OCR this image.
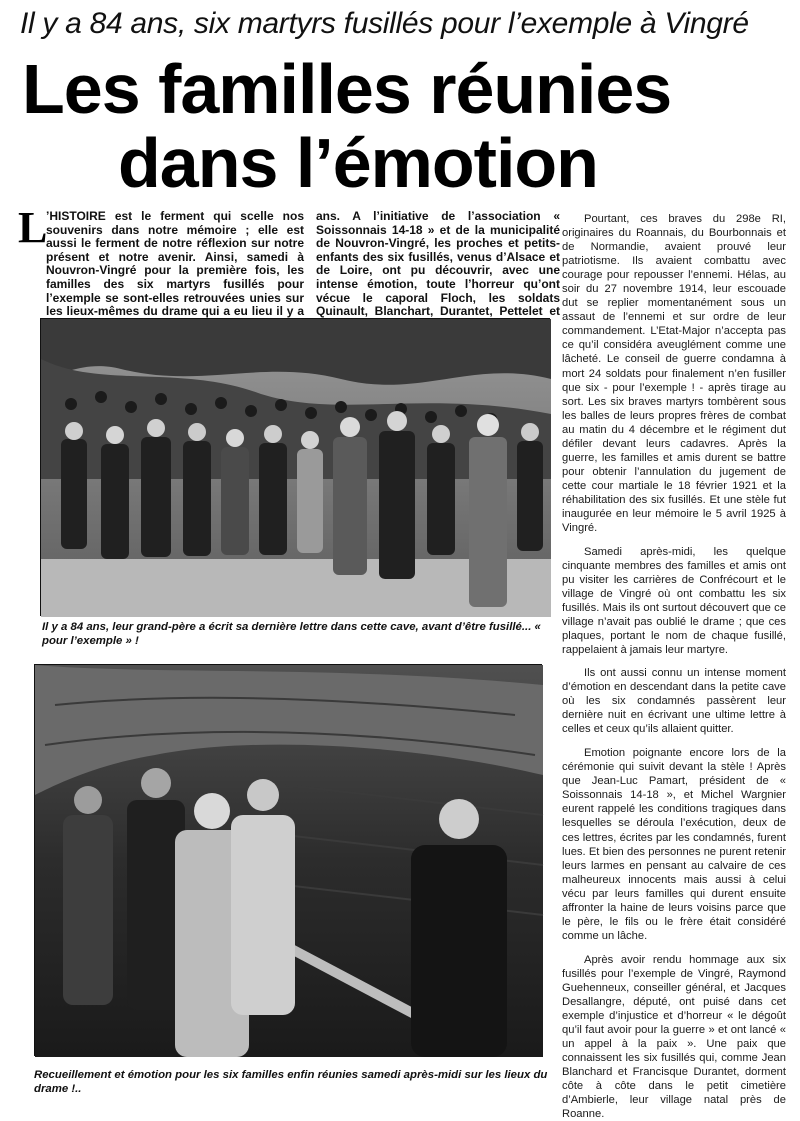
Il y a 84 ans, six martyrs fusillés pour l’exemple à Vingré
Les familles réunies
dans l’émotion
L
’HISTOIRE est le ferment qui scelle nos souvenirs dans notre mémoire ; elle est aussi le ferment de notre réflexion sur notre présent et notre avenir. Ainsi, samedi à Nouvron-Vingré pour la première fois, les familles des six martyrs fusillés pour l’exemple se sont-elles retrouvées unies sur les lieux-mêmes du drame qui a eu lieu il y a
ans. A l’initiative de l’association « Soissonnais 14-18 » et de la municipalité de Nouvron-Vingré, les proches et petits-enfants des six fusillés, venus d’Alsace et de Loire, ont pu découvrir, avec une intense émotion, toute l’horreur qu’ont vécue le caporal Floch, les soldats Quinault, Blanchart, Durantet, Pettelet et

Pourtant, ces braves du 298e RI, originaires du Roannais, du Bourbonnais et de Normandie, avaient prouvé leur patriotisme. Ils avaient combattu avec courage pour repousser l’ennemi. Hélas, au soir du 27 novembre 1914, leur escouade dut se replier momentanément sous un assaut de l’ennemi et sur ordre de leur commandement. L’Etat-Major n’accepta pas ce qu’il considéra aveuglément comme une lâcheté. Le conseil de guerre condamna à mort 24 soldats pour finalement n’en fusiller que six - pour l’exemple ! - après tirage au sort. Les six braves martyrs tombèrent sous les balles de leurs propres frères de combat au matin du 4 décembre et le régiment dut défiler devant leurs cadavres. Après la guerre, les familles et amis durent se battre pour obtenir l’annulation du jugement de cette cour martiale le 18 février 1921 et la réhabilitation des six fusillés. Et une stèle fut inaugurée en leur mémoire le 5 avril 1925 à Vingré.

Samedi après-midi, les quelque cinquante membres des familles et amis ont pu visiter les carrières de Confrécourt et le village de Vingré où ont combattu les six fusillés. Mais ils ont surtout découvert que ce village n’avait pas oublié le drame ; que ces plaques, portant le nom de chaque fusillé, rappelaient à jamais leur martyre.

Il y a 84 ans, leur grand-père a écrit sa dernière lettre dans cette cave, avant d’être fusillé... « pour l’exemple » !

Ils ont aussi connu un intense moment d’émotion en descendant dans la petite cave où les six condamnés passèrent leur dernière nuit en écrivant une ultime lettre à celles et ceux qu’ils allaient quitter.

Emotion poignante encore lors de la cérémonie qui suivit devant la stèle ! Après que Jean-Luc Pamart, président de « Soissonnais 14-18 », et Michel Wargnier eurent rappelé les conditions tragiques dans lesquelles se déroula l’exécution, deux de ces lettres, écrites par les condamnés, furent lues. Et bien des personnes ne purent retenir leurs larmes en pensant au calvaire de ces malheureux innocents mais aussi à celui vécu par leurs familles qui durent ensuite affronter la haine de leurs voisins parce que le père, le fils ou le frère était considéré comme un lâche.

Après avoir rendu hommage aux six fusillés pour l’exemple de Vingré, Raymond Guehenneux, conseiller général, et Jacques Desallangre, député, ont puisé dans cet exemple d’injustice et d’horreur « le dégoût qu’il faut avoir pour la guerre » et ont lancé « un appel à la paix ». Une paix que connaissent les six fusillés qui, comme Jean Blanchard et Francisque Durantet, dorment côte à côte dans le petit cimetière d’Ambierle, leur village natal près de Roanne.

Recueillement et émotion pour les six familles enfin réunies samedi après-midi sur les lieux du drame !..
